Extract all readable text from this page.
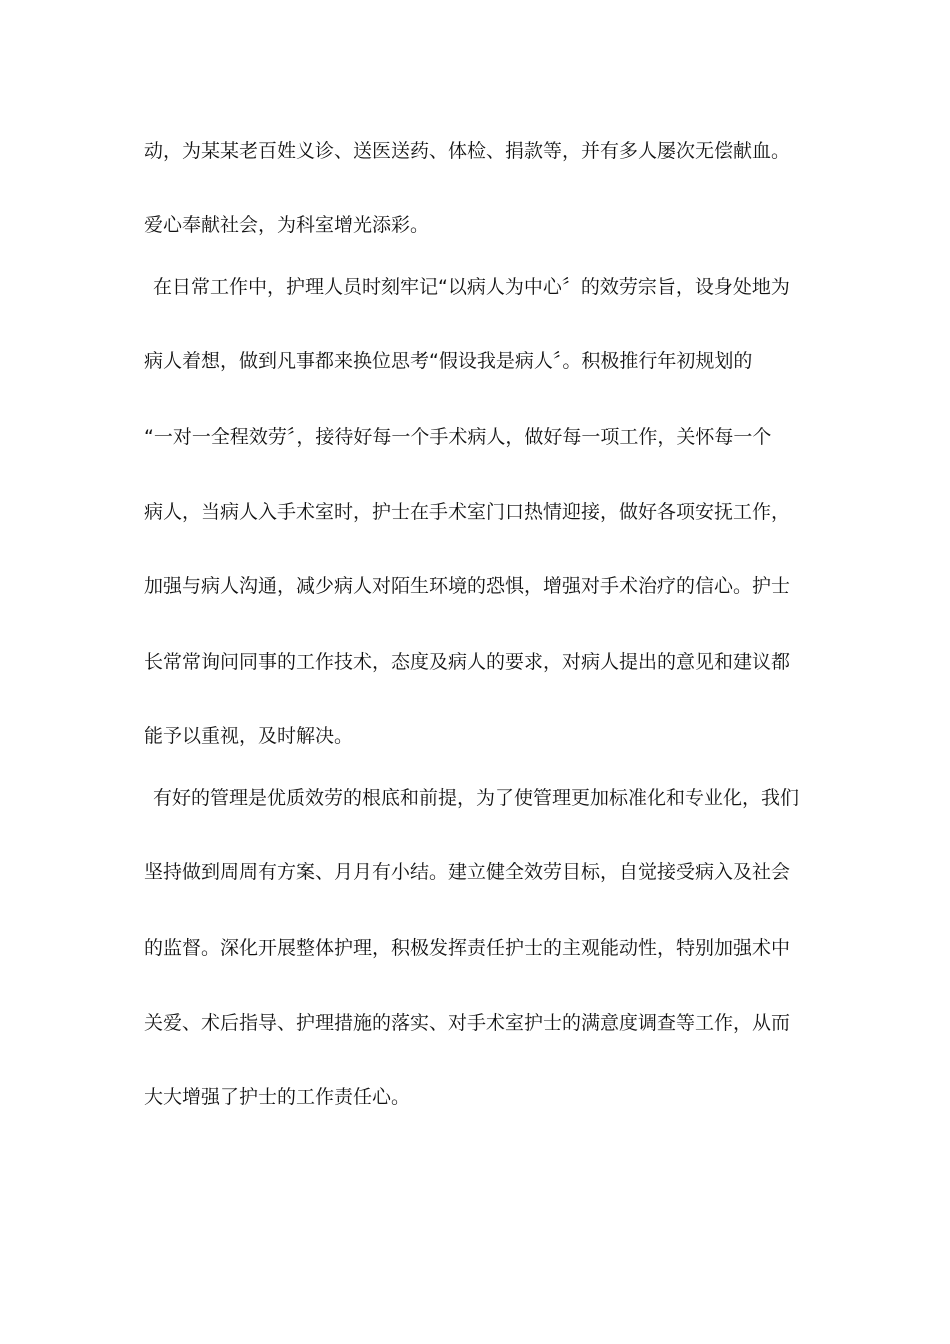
动，为某某老百姓义诊、送医送药、体检、捐款等，并有多人屡次无偿献血。
爱心奉献社会，为科室增光添彩。
在日常工作中，护理人员时刻牢记“以病人为中心〞的效劳宗旨，设身处地为
病人着想，做到凡事都来换位思考“假设我是病人〞。积极推行年初规划的
“一对一全程效劳〞，接待好每一个手术病人，做好每一项工作，关怀每一个
病人，当病人入手术室时，护士在手术室门口热情迎接，做好各项安抚工作，
加强与病人沟通，减少病人对陌生环境的恐惧，增强对手术治疗的信心。护士
长常常询问同事的工作技术，态度及病人的要求，对病人提出的意见和建议都
能予以重视，及时解决。
有好的管理是优质效劳的根底和前提，为了使管理更加标准化和专业化，我们
坚持做到周周有方案、月月有小结。建立健全效劳目标，自觉接受病入及社会
的监督。深化开展整体护理，积极发挥责任护士的主观能动性，特别加强术中
关爱、术后指导、护理措施的落实、对手术室护士的满意度调查等工作，从而
大大增强了护士的工作责任心。
